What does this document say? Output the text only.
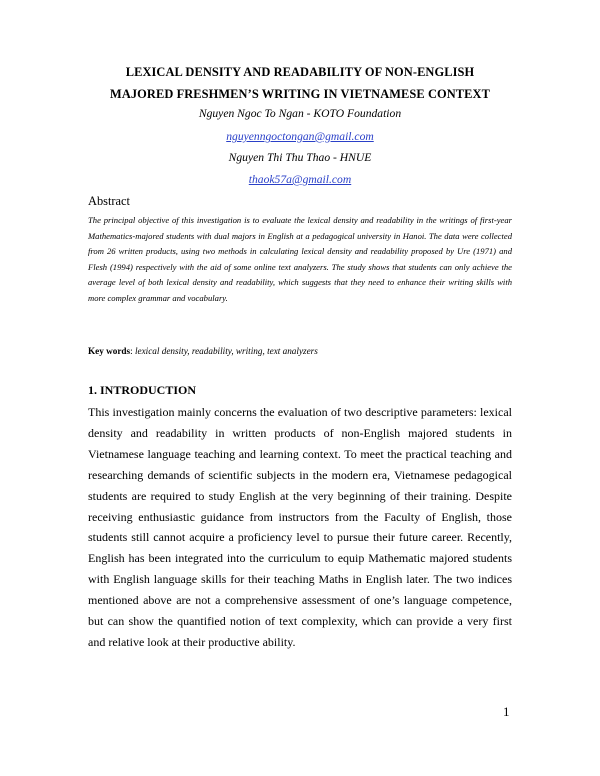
LEXICAL DENSITY AND READABILITY OF NON-ENGLISH
MAJORED FRESHMEN’S WRITING IN VIETNAMESE CONTEXT
Nguyen Ngoc To Ngan - KOTO Foundation
nguyenngoctongan@gmail.com
Nguyen Thi Thu Thao - HNUE
thaok57a@gmail.com
Abstract
The principal objective of this investigation is to evaluate the lexical density and readability in the writings of first-year Mathematics-majored students with dual majors in English at a pedagogical university in Hanoi. The data were collected from 26 written products, using two methods in calculating lexical density and readability proposed by Ure (1971) and Flesh (1994) respectively with the aid of some online text analyzers. The study shows that students can only achieve the average level of both lexical density and readability, which suggests that they need to enhance their writing skills with more complex grammar and vocabulary.
Key words: lexical density, readability, writing, text analyzers
1. INTRODUCTION
This investigation mainly concerns the evaluation of two descriptive parameters: lexical density and readability in written products of non-English majored students in Vietnamese language teaching and learning context. To meet the practical teaching and researching demands of scientific subjects in the modern era, Vietnamese pedagogical students are required to study English at the very beginning of their training. Despite receiving enthusiastic guidance from instructors from the Faculty of English, those students still cannot acquire a proficiency level to pursue their future career. Recently, English has been integrated into the curriculum to equip Mathematic majored students with English language skills for their teaching Maths in English later. The two indices mentioned above are not a comprehensive assessment of one’s language competence, but can show the quantified notion of text complexity, which can provide a very first and relative look at their productive ability.
1
